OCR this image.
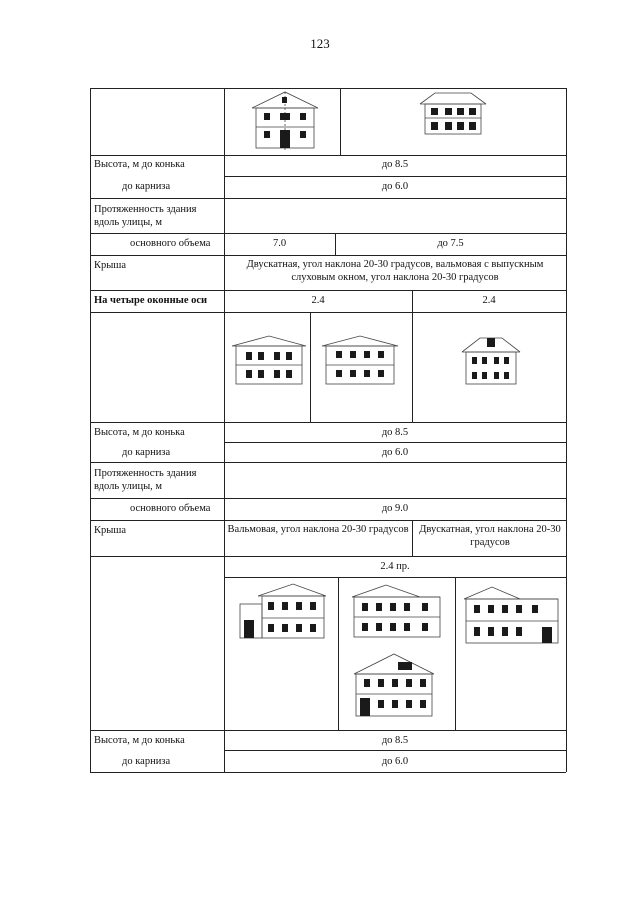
123
Высота, м до конька	до 8.5
до карниза	до 6.0
Протяженность здания вдоль улицы, м
основного объема	7.0	до 7.5
Крыша	Двускатная, угол наклона 20-30 градусов, вальмовая с выпускным слуховым окном, угол наклона 20-30 градусов
На четыре оконные оси	2.4	2.4
Высота, м до конька	до 8.5
до карниза	до 6.0
Протяженность здания вдоль улицы, м
основного объема	до 9.0
Крыша	Вальмовая, угол наклона 20-30 градусов	Двускатная, угол наклона 20-30 градусов
2.4 пр.
Высота, м до конька	до 8.5
до карниза	до 6.0
